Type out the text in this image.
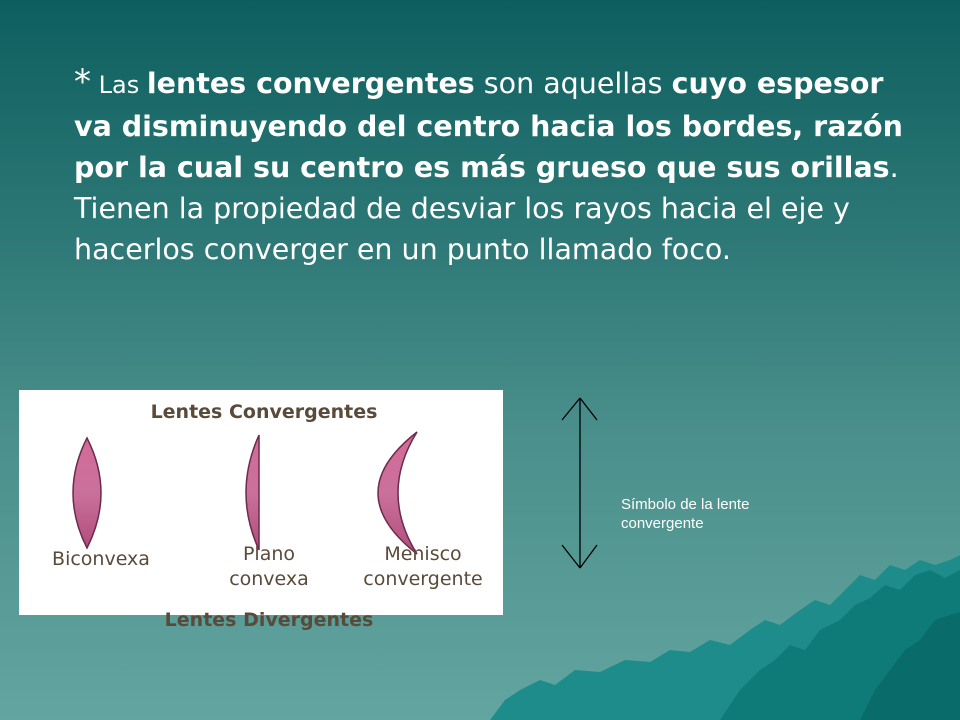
* Las lentes convergentes son aquellas cuyo espesor va disminuyendo del centro hacia los bordes, razón por la cual su centro es más grueso que sus orillas. Tienen la propiedad de desviar los rayos hacia el eje y hacerlos converger en un punto llamado foco.

Lentes Convergentes
Biconvexa	Plano
convexa
Menisco
convergente
Lentes Divergentes
Símbolo de la lente convergente
